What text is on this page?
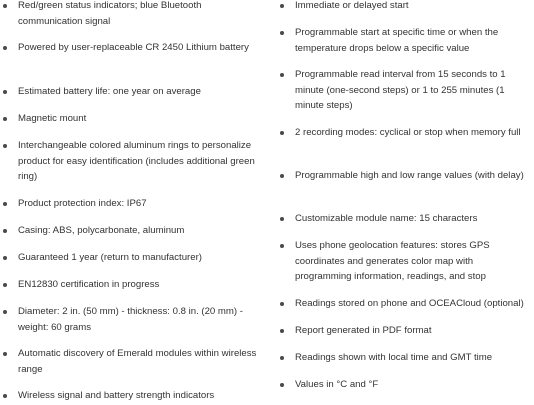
Red/green status indicators; blue Bluetooth communication signal
Powered by user-replaceable CR 2450 Lithium battery
Estimated battery life: one year on average
Magnetic mount
Interchangeable colored aluminum rings to personalize product for easy identification (includes additional green ring)
Product protection index: IP67
Casing: ABS, polycarbonate, aluminum
Guaranteed 1 year (return to manufacturer)
EN12830 certification in progress
Diameter: 2 in. (50 mm) - thickness: 0.8 in. (20 mm) - weight: 60 grams
Automatic discovery of Emerald modules within wireless range
Wireless signal and battery strength indicators
Immediate or delayed start
Programmable start at specific time or when the temperature drops below a specific value
Programmable read interval from 15 seconds to 1 minute (one-second steps) or 1 to 255 minutes (1 minute steps)
2 recording modes: cyclical or stop when memory full
Programmable high and low range values (with delay)
Customizable module name: 15 characters
Uses phone geolocation features: stores GPS coordinates and generates color map with programming information, readings, and stop
Readings stored on phone and OCEACloud (optional)
Report generated in PDF format
Readings shown with local time and GMT time
Values in °C and °F
